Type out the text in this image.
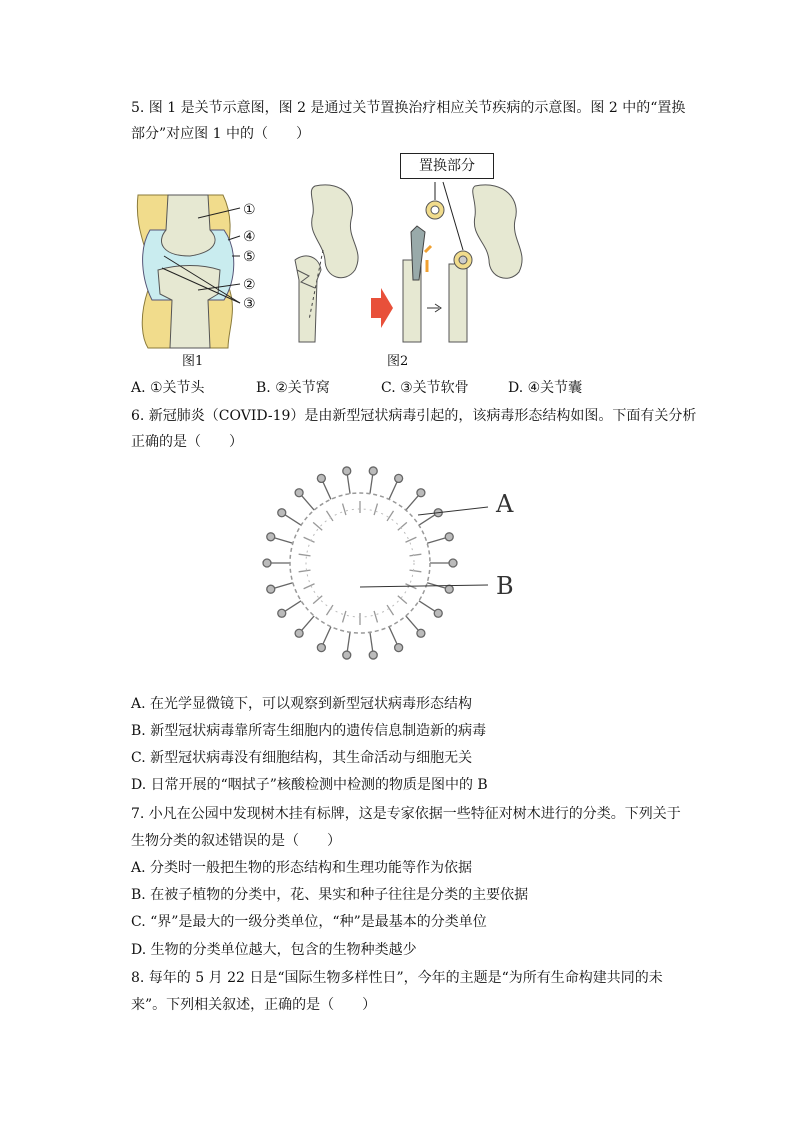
5. 图 1 是关节示意图，图 2 是通过关节置换治疗相应关节疾病的示意图。图 2 中的“置换
部分”对应图 1 中的（　　）
①
④
⑤
②
③
图1
置换部分
图2
A. ①关节头	B. ②关节窝	C. ③关节软骨	D. ④关节囊
6. 新冠肺炎（COVID-19）是由新型冠状病毒引起的，该病毒形态结构如图。下面有关分析
正确的是（　　）
A
B
A. 在光学显微镜下，可以观察到新型冠状病毒形态结构
B. 新型冠状病毒靠所寄生细胞内的遗传信息制造新的病毒
C. 新型冠状病毒没有细胞结构，其生命活动与细胞无关
D. 日常开展的“咽拭子”核酸检测中检测的物质是图中的 B
7. 小凡在公园中发现树木挂有标牌，这是专家依据一些特征对树木进行的分类。下列关于
生物分类的叙述错误的是（　　）
A. 分类时一般把生物的形态结构和生理功能等作为依据
B. 在被子植物的分类中，花、果实和种子往往是分类的主要依据
C. “界”是最大的一级分类单位，“种”是最基本的分类单位
D. 生物的分类单位越大，包含的生物种类越少
8. 每年的 5 月 22 日是“国际生物多样性日”，今年的主题是“为所有生命构建共同的未
来”。下列相关叙述，正确的是（　　）
